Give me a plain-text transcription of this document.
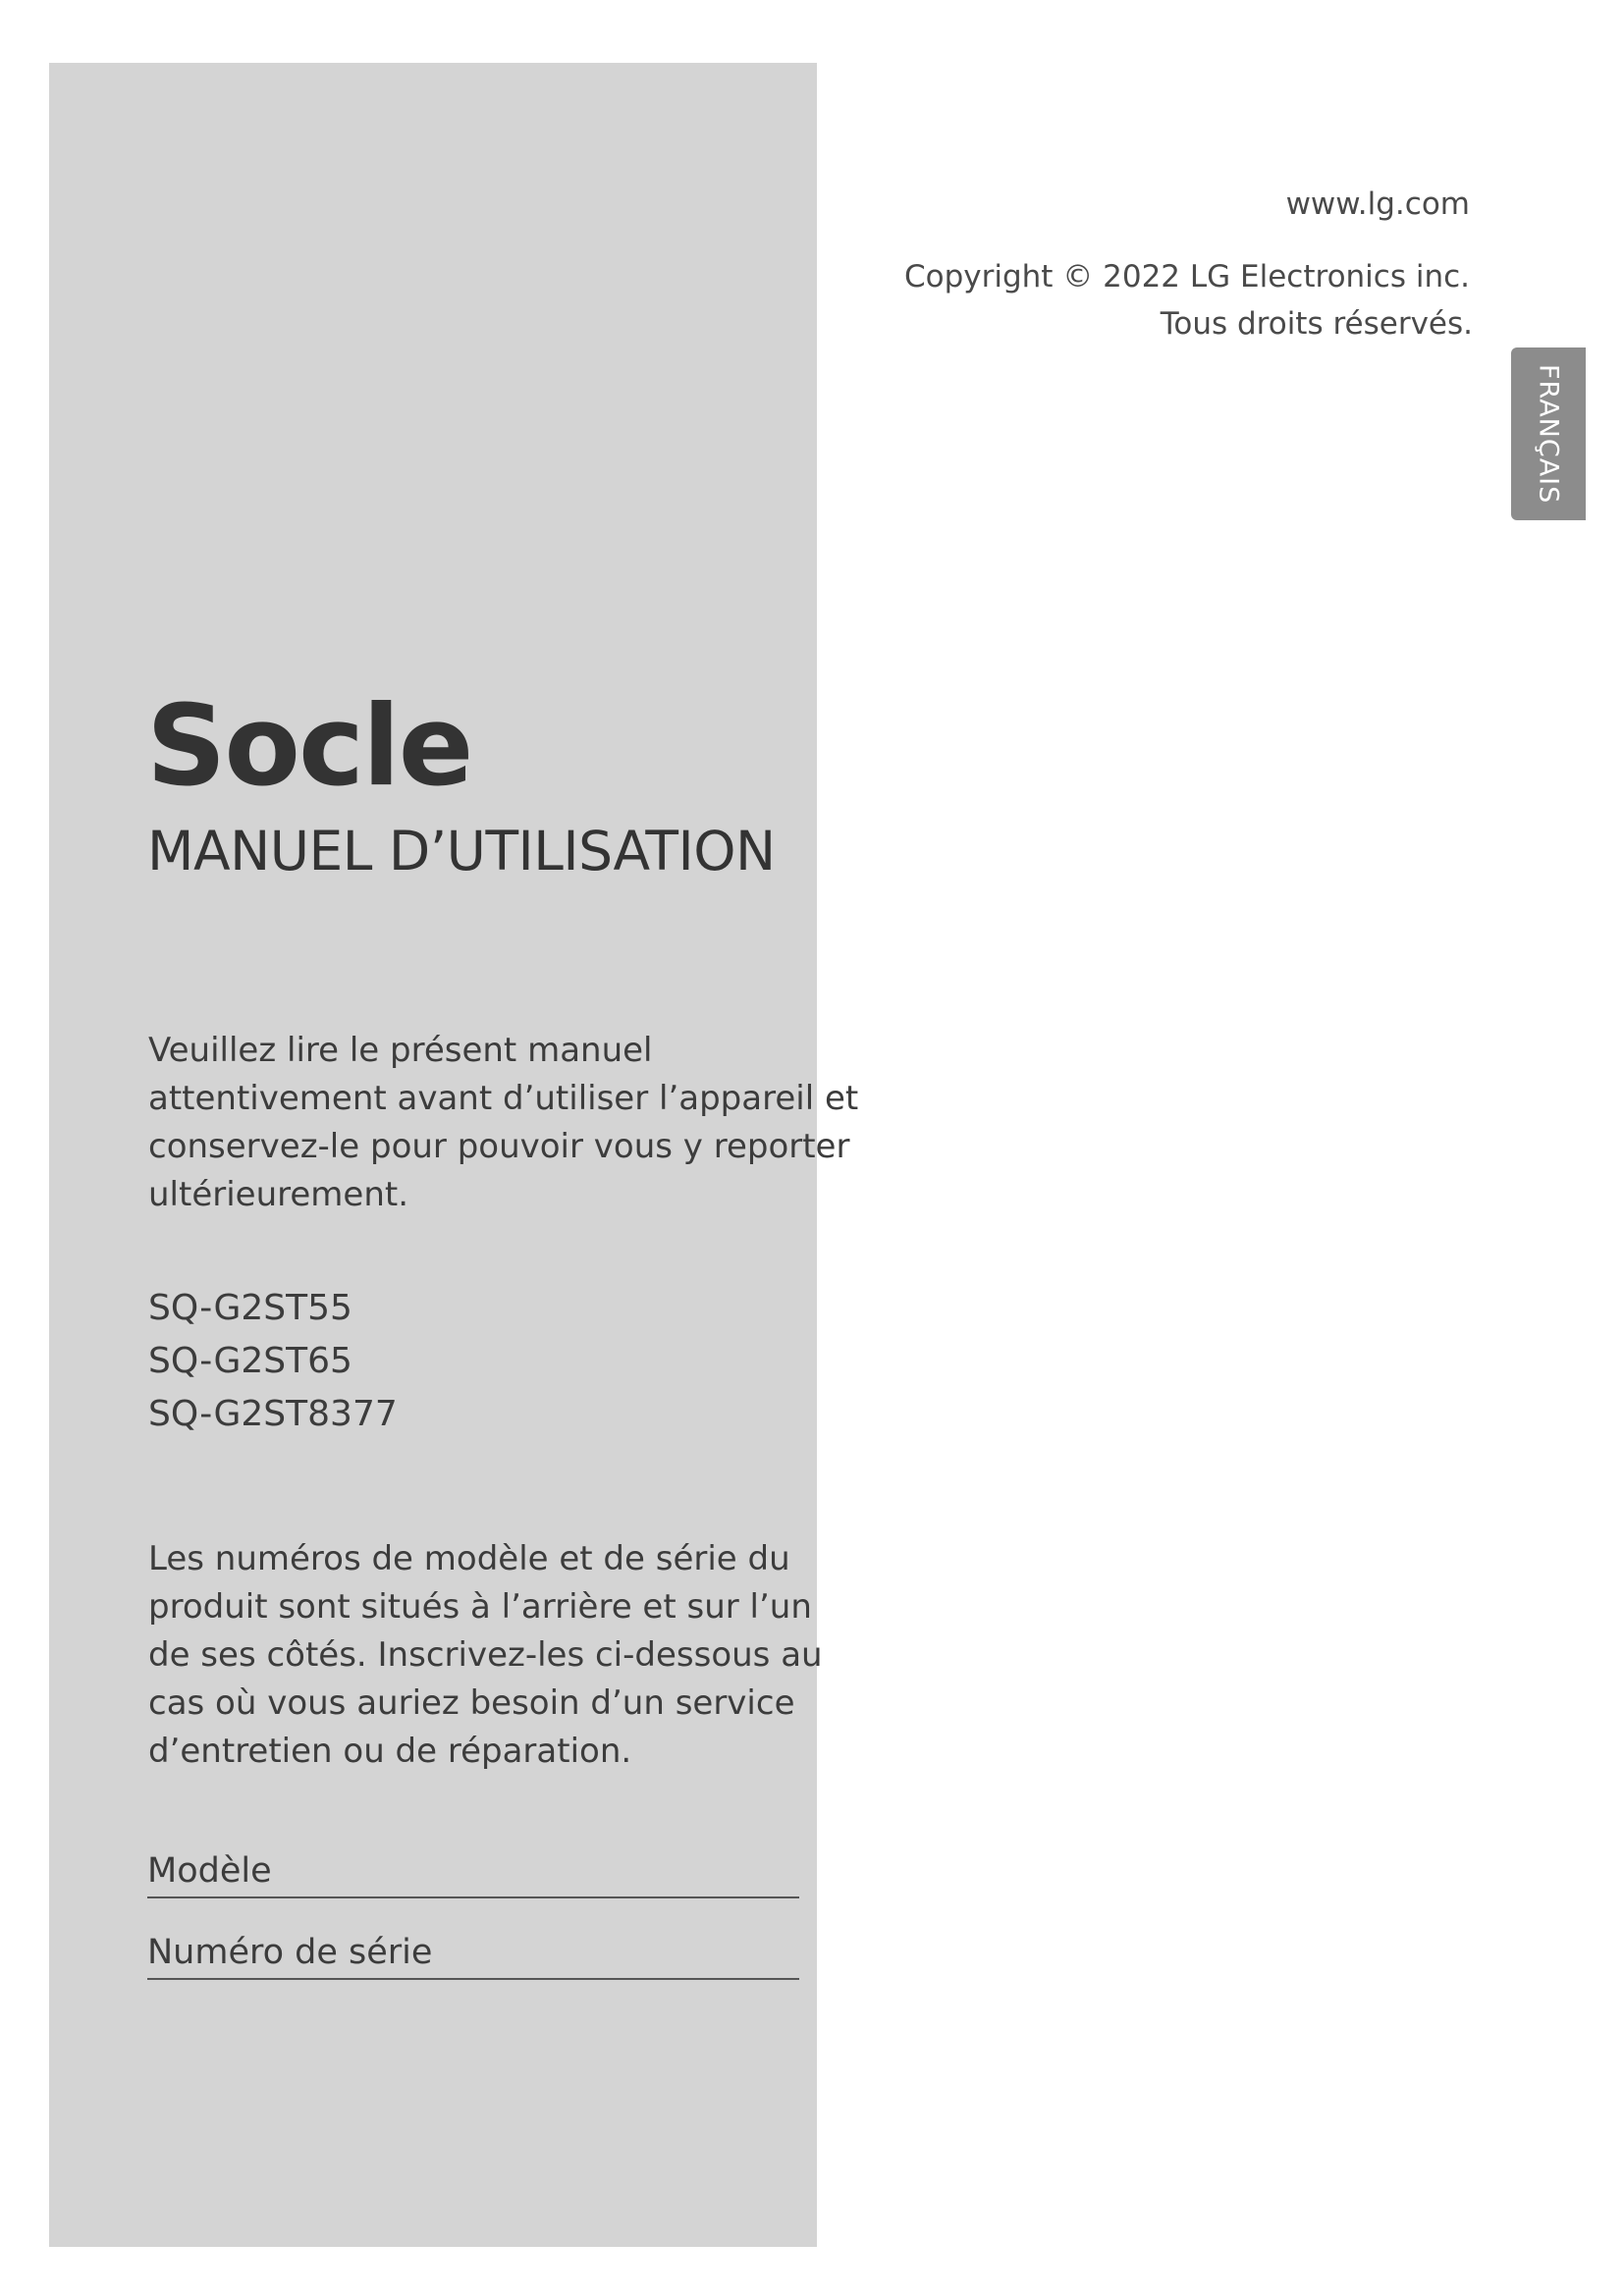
www.lg.com
Copyright © 2022 LG Electronics inc.
Tous droits réservés.
FRANÇAIS
Socle
MANUEL D’UTILISATION
Veuillez lire le présent manuel
attentivement avant d’utiliser l’appareil et
conservez-le pour pouvoir vous y reporter
ultérieurement.
SQ-G2ST55
SQ-G2ST65
SQ-G2ST8377
Les numéros de modèle et de série du
produit sont situés à l’arrière et sur l’un
de ses côtés. Inscrivez-les ci-dessous au
cas où vous auriez besoin d’un service
d’entretien ou de réparation.
Modèle
Numéro de série
